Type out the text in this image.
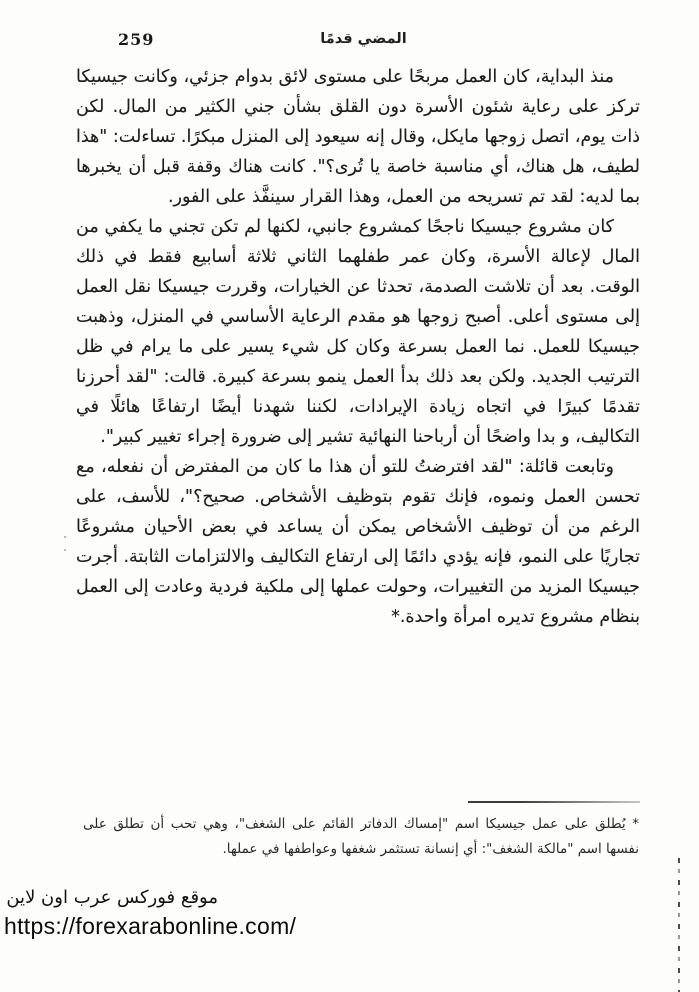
259	المضي قدمًا

منذ البداية، كان العمل مربحًا على مستوى لائق بدوام جزئي، وكانت جيسيكا تركز على رعاية شئون الأسرة دون القلق بشأن جني الكثير من المال. لكن ذات يوم، اتصل زوجها مايكل، وقال إنه سيعود إلى المنزل مبكرًا. تساءلت: "هذا لطيف، هل هناك، أي مناسبة خاصة يا تُرى؟". كانت هناك وقفة قبل أن يخبرها بما لديه: لقد تم تسريحه من العمل، وهذا القرار سينفَّذ على الفور.

كان مشروع جيسيكا ناجحًا كمشروع جانبي، لكنها لم تكن تجني ما يكفي من المال لإعالة الأسرة، وكان عمر طفلهما الثاني ثلاثة أسابيع فقط في ذلك الوقت. بعد أن تلاشت الصدمة، تحدثا عن الخيارات، وقررت جيسيكا نقل العمل إلى مستوى أعلى. أصبح زوجها هو مقدم الرعاية الأساسي في المنزل، وذهبت جيسيكا للعمل. نما العمل بسرعة وكان كل شيء يسير على ما يرام في ظل الترتيب الجديد. ولكن بعد ذلك بدأ العمل ينمو بسرعة كبيرة. قالت: "لقد أحرزنا تقدمًا كبيرًا في اتجاه زيادة الإيرادات، لكننا شهدنا أيضًا ارتفاعًا هائلًا في التكاليف، و بدا واضحًا أن أرباحنا النهائية تشير إلى ضرورة إجراء تغيير كبير".

وتابعت قائلة: "لقد افترضتُ للتو أن هذا ما كان من المفترض أن نفعله، مع تحسن العمل ونموه، فإنك تقوم بتوظيف الأشخاص. صحيح؟"، للأسف، على الرغم من أن توظيف الأشخاص يمكن أن يساعد في بعض الأحيان مشروعًا تجاريًا على النمو، فإنه يؤدي دائمًا إلى ارتفاع التكاليف والالتزامات الثابتة. أجرت جيسيكا المزيد من التغييرات، وحولت عملها إلى ملكية فردية وعادت إلى العمل بنظام مشروع تديره امرأة واحدة.*

* يُطلق على عمل جيسيكا اسم "إمساك الدفاتر القائم على الشغف"، وهي تحب أن تطلق على نفسها اسم "مالكة الشغف": أي إنسانة تستثمر شغفها وعواطفها في عملها.
موقع فوركس عرب اون لاين
https://forexarabonline.com/
